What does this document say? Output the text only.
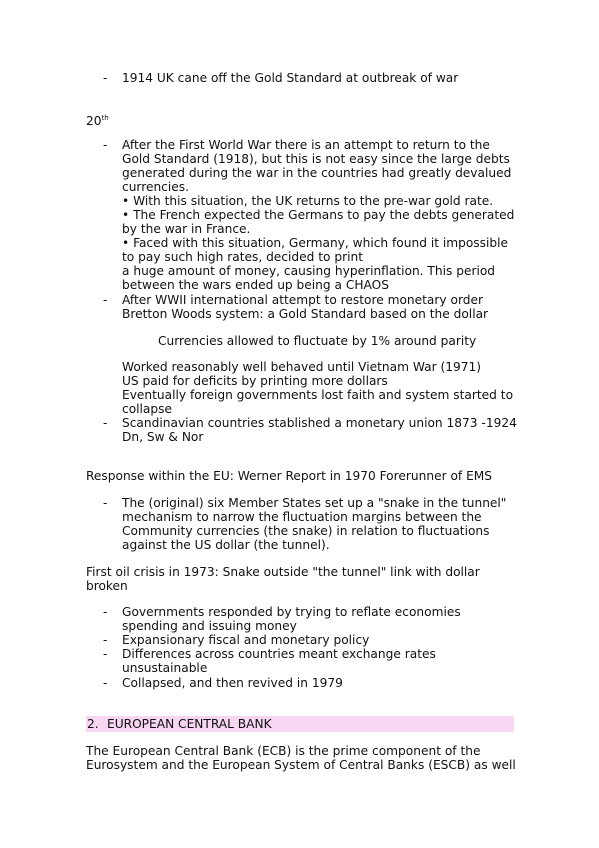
- 1914 UK cane off the Gold Standard at outbreak of war
20th
- After the First World War there is an attempt to return to the
Gold Standard (1918), but this is not easy since the large debts
generated during the war in the countries had greatly devalued
currencies.
• With this situation, the UK returns to the pre-war gold rate.
• The French expected the Germans to pay the debts generated
by the war in France.
• Faced with this situation, Germany, which found it impossible
to pay such high rates, decided to print
a huge amount of money, causing hyperinflation. This period
between the wars ended up being a CHAOS
- After WWII international attempt to restore monetary order
Bretton Woods system: a Gold Standard based on the dollar
Currencies allowed to fluctuate by 1% around parity
Worked reasonably well behaved until Vietnam War (1971)
US paid for deficits by printing more dollars
Eventually foreign governments lost faith and system started to
collapse
- Scandinavian countries stablished a monetary union 1873 -1924
Dn, Sw & Nor
Response within the EU: Werner Report in 1970 Forerunner of EMS
- The (original) six Member States set up a "snake in the tunnel"
mechanism to narrow the fluctuation margins between the
Community currencies (the snake) in relation to fluctuations
against the US dollar (the tunnel).
First oil crisis in 1973: Snake outside "the tunnel" link with dollar
broken
- Governments responded by trying to reflate economies
spending and issuing money
- Expansionary fiscal and monetary policy
- Differences across countries meant exchange rates
unsustainable
- Collapsed, and then revived in 1979
2. EUROPEAN CENTRAL BANK
The European Central Bank (ECB) is the prime component of the
Eurosystem and the European System of Central Banks (ESCB) as well
